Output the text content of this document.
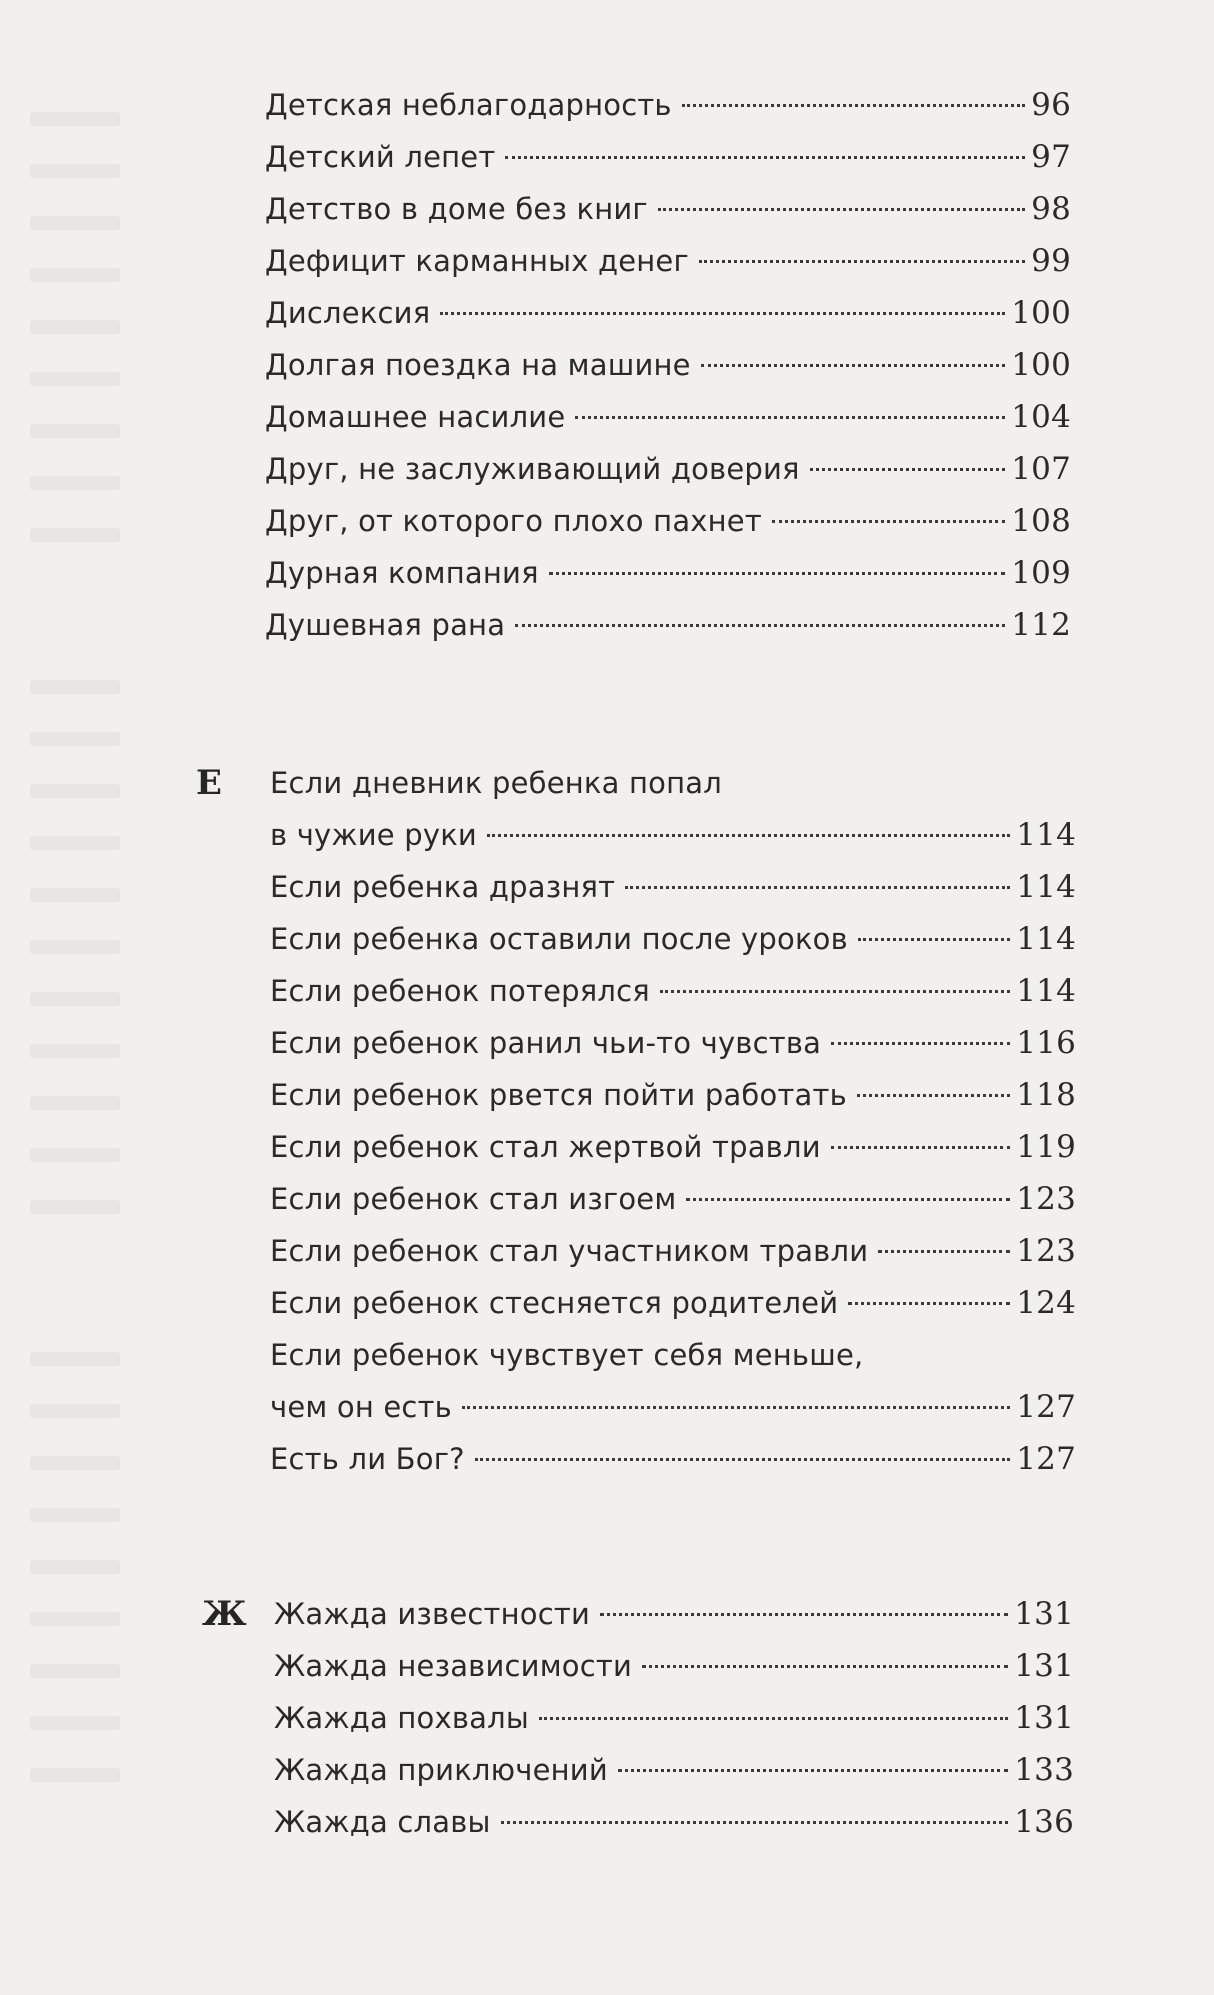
Детская неблагодарность	96
Детский лепет	97
Детство в доме без книг	98
Дефицит карманных денег	99
Дислексия	100
Долгая поездка на машине	100
Домашнее насилие	104
Друг, не заслуживающий доверия	107
Друг, от которого плохо пахнет	108
Дурная компания	109
Душевная рана	112
Е Если дневник ребенка попал
в чужие руки	114
Если ребенка дразнят	114
Если ребенка оставили после уроков	114
Если ребенок потерялся	114
Если ребенок ранил чьи-то чувства	116
Если ребенок рвется пойти работать	118
Если ребенок стал жертвой травли	119
Если ребенок стал изгоем	123
Если ребенок стал участником травли	123
Если ребенок стесняется родителей	124
Если ребенок чувствует себя меньше,
чем он есть	127
Есть ли Бог?	127
Ж Жажда известности	131
Жажда независимости	131
Жажда похвалы	131
Жажда приключений	133
Жажда славы	136
